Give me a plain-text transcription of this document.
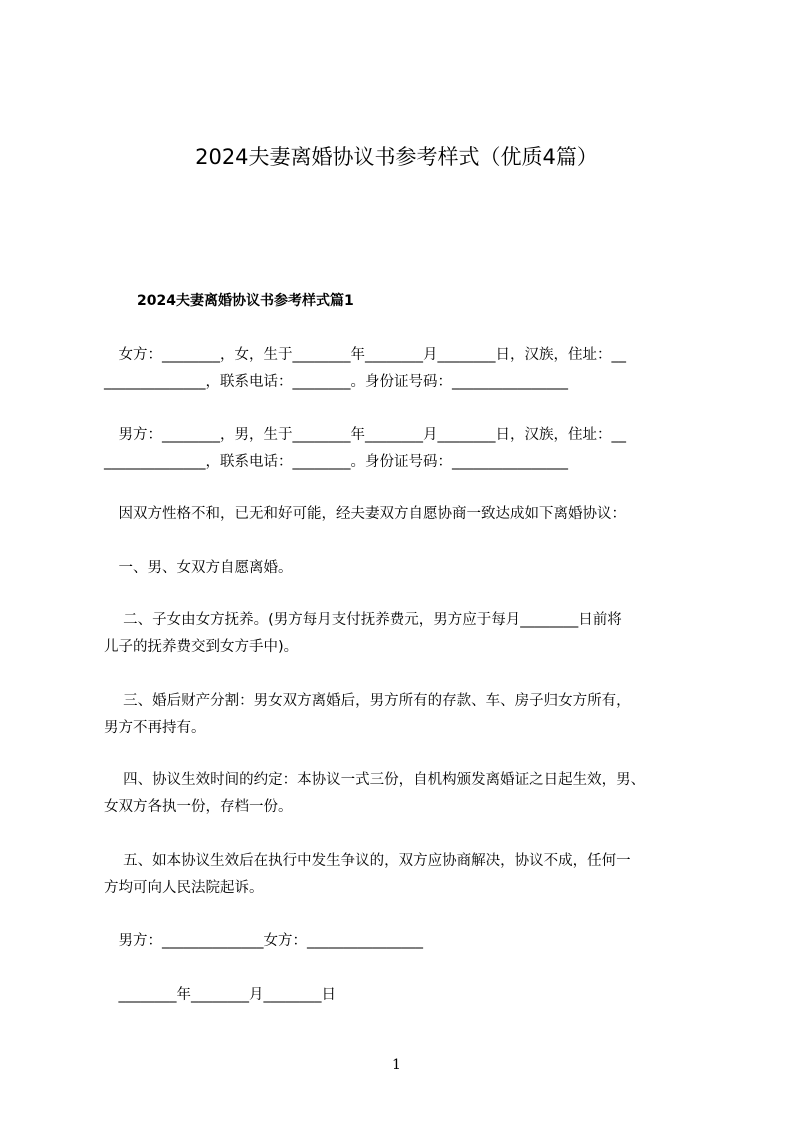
2024夫妻离婚协议书参考样式（优质4篇）
2024夫妻离婚协议书参考样式篇1
　女方：________，女，生于________年________月________日，汉族，住址：__
______________，联系电话：________。身份证号码：________________
　男方：________，男，生于________年________月________日，汉族，住址：__
______________，联系电话：________。身份证号码：________________
　因双方性格不和，已无和好可能，经夫妻双方自愿协商一致达成如下离婚协议：
　一、男、女双方自愿离婚。
　 二、子女由女方抚养。(男方每月支付抚养费元，男方应于每月________日前将
儿子的抚养费交到女方手中)。
　 三、婚后财产分割：男女双方离婚后，男方所有的存款、车、房子归女方所有，
男方不再持有。
　 四、协议生效时间的约定：本协议一式三份，自机构颁发离婚证之日起生效，男、
女双方各执一份，存档一份。
　 五、如本协议生效后在执行中发生争议的，双方应协商解决，协议不成，任何一
方均可向人民法院起诉。
　男方：______________女方：________________
　________年________月________日
1
